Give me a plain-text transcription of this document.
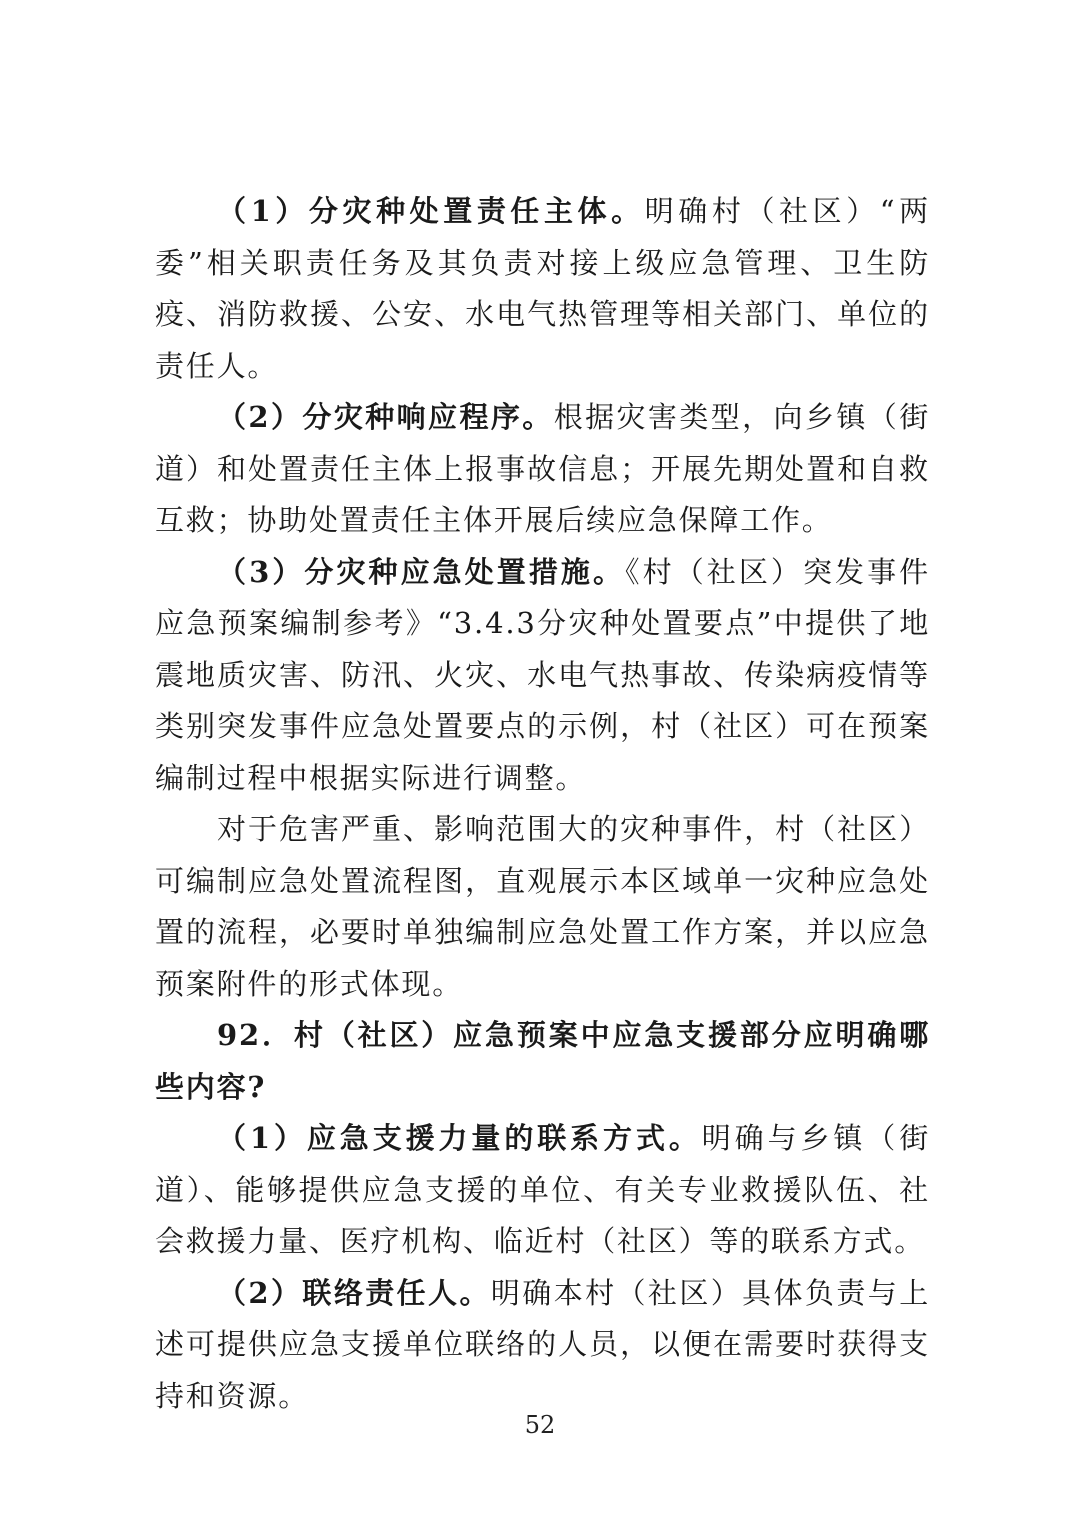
（1）分灾种处置责任主体。明确村（社区）“两委”相关职责任务及其负责对接上级应急管理、卫生防疫、消防救援、公安、水电气热管理等相关部门、单位的责任人。

（2）分灾种响应程序。根据灾害类型，向乡镇（街道）和处置责任主体上报事故信息；开展先期处置和自救互救；协助处置责任主体开展后续应急保障工作。

（3）分灾种应急处置措施。《村（社区）突发事件应急预案编制参考》“3.4.3分灾种处置要点”中提供了地震地质灾害、防汛、火灾、水电气热事故、传染病疫情等类别突发事件应急处置要点的示例，村（社区）可在预案编制过程中根据实际进行调整。

对于危害严重、影响范围大的灾种事件，村（社区）可编制应急处置流程图，直观展示本区域单一灾种应急处置的流程，必要时单独编制应急处置工作方案，并以应急预案附件的形式体现。

92．村（社区）应急预案中应急支援部分应明确哪些内容?

（1）应急支援力量的联系方式。明确与乡镇（街道）、能够提供应急支援的单位、有关专业救援队伍、社会救援力量、医疗机构、临近村（社区）等的联系方式。

（2）联络责任人。明确本村（社区）具体负责与上述可提供应急支援单位联络的人员，以便在需要时获得支持和资源。

52
